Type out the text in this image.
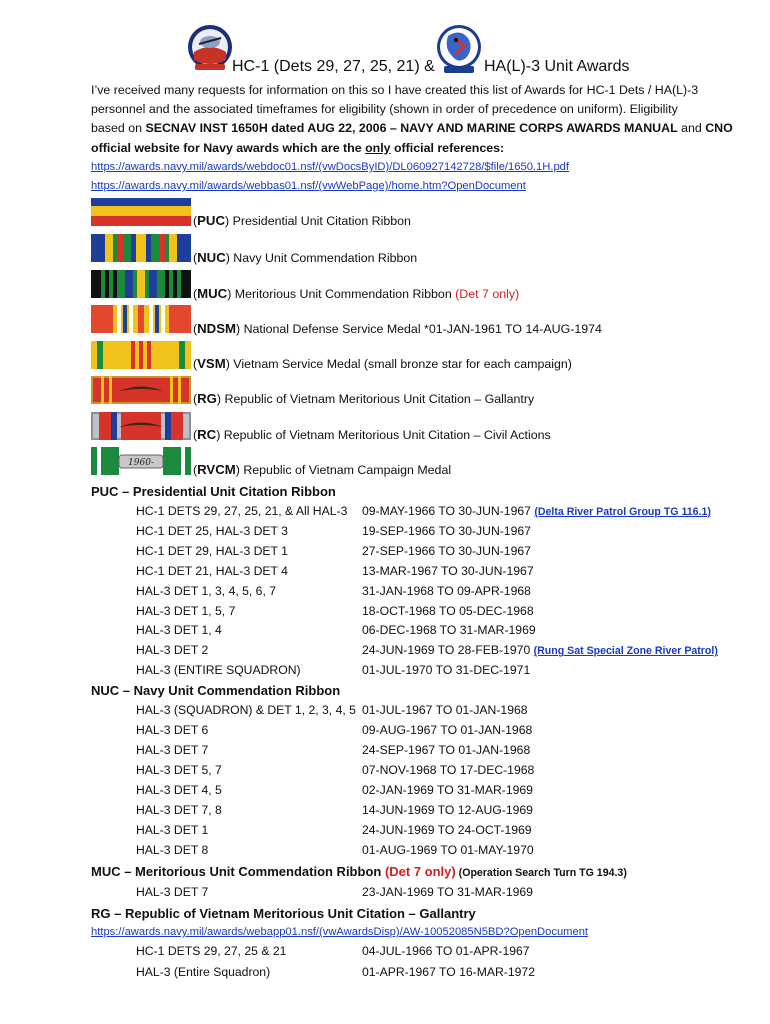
HC-1 (Dets 29, 27, 25, 21) &	HA(L)-3 Unit Awards
I’ve received many requests for information on this so I have created this list of Awards for HC-1 Dets / HA(L)-3
personnel and the associated timeframes for eligibility (shown in order of precedence on uniform). Eligibility
based on SECNAV INST 1650H dated AUG 22, 2006 – NAVY AND MARINE CORPS AWARDS MANUAL and CNO
official website for Navy awards which are the only official references:
https://awards.navy.mil/awards/webdoc01.nsf/(vwDocsByID)/DL060927142728/$file/1650.1H.pdf
https://awards.navy.mil/awards/webbas01.nsf/(vwWebPage)/home.htm?OpenDocument
(PUC) Presidential Unit Citation Ribbon
(NUC) Navy Unit Commendation Ribbon
(MUC) Meritorious Unit Commendation Ribbon (Det 7 only)
(NDSM) National Defense Service Medal *01-JAN-1961 TO 14-AUG-1974
(VSM) Vietnam Service Medal (small bronze star for each campaign)
(RG) Republic of Vietnam Meritorious Unit Citation – Gallantry
(RC) Republic of Vietnam Meritorious Unit Citation – Civil Actions
1960-	(RVCM) Republic of Vietnam Campaign Medal
PUC – Presidential Unit Citation Ribbon
HC-1 DETS 29, 27, 25, 21, & All HAL-3 09-MAY-1966 TO 30-JUN-1967 (Delta River Patrol Group TG 116.1)
HC-1 DET 25, HAL-3 DET 3	19-SEP-1966 TO 30-JUN-1967
HC-1 DET 29, HAL-3 DET 1	27-SEP-1966 TO 30-JUN-1967
HC-1 DET 21, HAL-3 DET 4	13-MAR-1967 TO 30-JUN-1967
HAL-3 DET 1, 3, 4, 5, 6, 7	31-JAN-1968 TO 09-APR-1968
HAL-3 DET 1, 5, 7	18-OCT-1968 TO 05-DEC-1968
HAL-3 DET 1, 4	06-DEC-1968 TO 31-MAR-1969
HAL-3 DET 2	24-JUN-1969 TO 28-FEB-1970 (Rung Sat Special Zone River Patrol)
HAL-3 (ENTIRE SQUADRON)	01-JUL-1970 TO 31-DEC-1971
NUC – Navy Unit Commendation Ribbon
HAL-3 (SQUADRON) & DET 1, 2, 3, 4, 5 01-JUL-1967 TO 01-JAN-1968
HAL-3 DET 6	09-AUG-1967 TO 01-JAN-1968
HAL-3 DET 7	24-SEP-1967 TO 01-JAN-1968
HAL-3 DET 5, 7	07-NOV-1968 TO 17-DEC-1968
HAL-3 DET 4, 5	02-JAN-1969 TO 31-MAR-1969
HAL-3 DET 7, 8	14-JUN-1969 TO 12-AUG-1969
HAL-3 DET 1	24-JUN-1969 TO 24-OCT-1969
HAL-3 DET 8	01-AUG-1969 TO 01-MAY-1970
MUC – Meritorious Unit Commendation Ribbon (Det 7 only) (Operation Search Turn TG 194.3)
HAL-3 DET 7	23-JAN-1969 TO 31-MAR-1969
RG – Republic of Vietnam Meritorious Unit Citation – Gallantry
https://awards.navy.mil/awards/webapp01.nsf/(vwAwardsDisp)/AW-10052085N5BD?OpenDocument
HC-1 DETS 29, 27, 25 & 21	04-JUL-1966 TO 01-APR-1967
HAL-3 (Entire Squadron)	01-APR-1967 TO 16-MAR-1972
